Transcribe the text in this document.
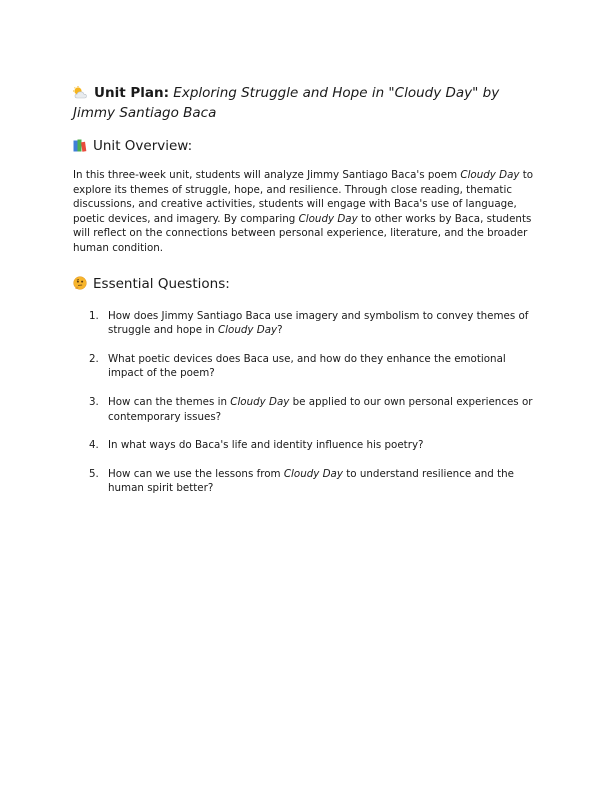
Unit Plan: Exploring Struggle and Hope in "Cloudy Day" by Jimmy Santiago Baca
Unit Overview:

In this three-week unit, students will analyze Jimmy Santiago Baca's poem Cloudy Day to explore its themes of struggle, hope, and resilience. Through close reading, thematic discussions, and creative activities, students will engage with Baca's use of language, poetic devices, and imagery. By comparing Cloudy Day to other works by Baca, students will reflect on the connections between personal experience, literature, and the broader human condition.

Essential Questions:
1. How does Jimmy Santiago Baca use imagery and symbolism to convey themes of struggle and hope in Cloudy Day?
2. What poetic devices does Baca use, and how do they enhance the emotional impact of the poem?
3. How can the themes in Cloudy Day be applied to our own personal experiences or contemporary issues?
4. In what ways do Baca's life and identity influence his poetry?
5. How can we use the lessons from Cloudy Day to understand resilience and the human spirit better?
